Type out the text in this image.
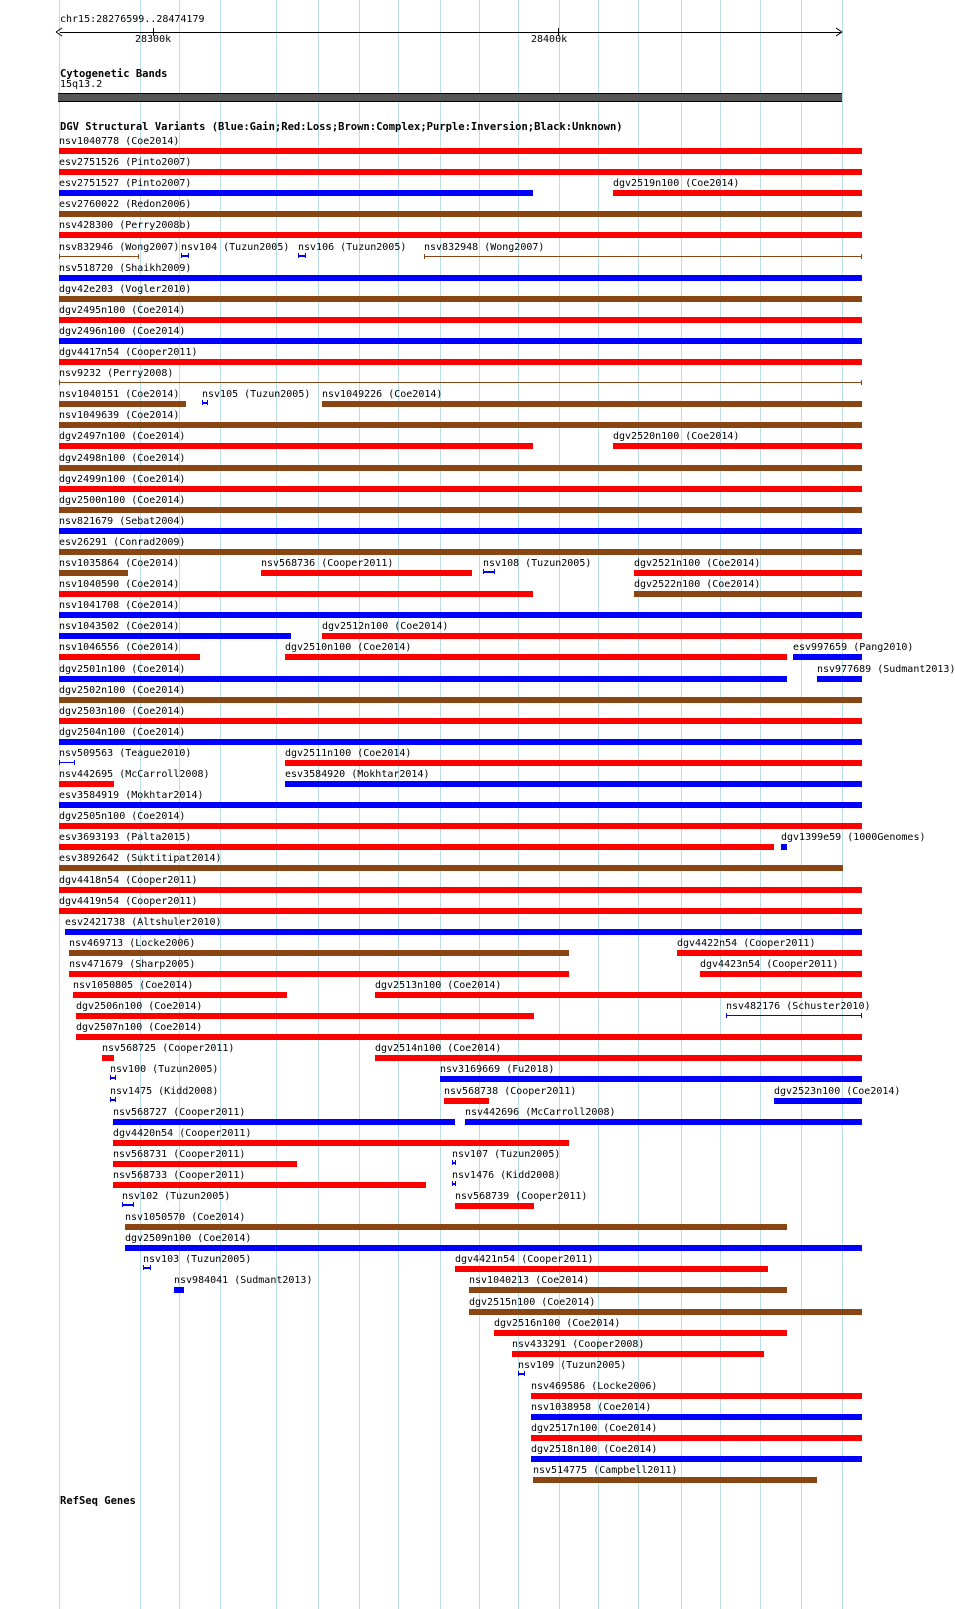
chr15:28276599..28474179
28300k	28400k
Cytogenetic Bands
15q13.2
DGV Structural Variants (Blue:Gain;Red:Loss;Brown:Complex;Purple:Inversion;Black:Unknown)
nsv1040778 (Coe2014)
esv2751526 (Pinto2007)
esv2751527 (Pinto2007)	dgv2519n100 (Coe2014)
esv2760022 (Redon2006)
nsv428300 (Perry2008b)
nsv832946 (Wong2007) nsv104 (Tuzun2005) nsv106 (Tuzun2005) nsv832948 (Wong2007)
nsv518720 (Shaikh2009)
dgv42e203 (Vogler2010)
dgv2495n100 (Coe2014)
dgv2496n100 (Coe2014)
dgv4417n54 (Cooper2011)
nsv9232 (Perry2008)
nsv1040151 (Coe2014) nsv105 (Tuzun2005) nsv1049226 (Coe2014)
nsv1049639 (Coe2014)
dgv2497n100 (Coe2014)	dgv2520n100 (Coe2014)
dgv2498n100 (Coe2014)
dgv2499n100 (Coe2014)
dgv2500n100 (Coe2014)
nsv821679 (Sebat2004)
esv26291 (Conrad2009)
nsv1035864 (Coe2014)	nsv568736 (Cooper2011)	nsv108 (Tuzun2005)	dgv2521n100 (Coe2014)
nsv1040590 (Coe2014)	dgv2522n100 (Coe2014)
nsv1041708 (Coe2014)
nsv1043502 (Coe2014)	dgv2512n100 (Coe2014)
nsv1046556 (Coe2014)	dgv2510n100 (Coe2014)	esv997659 (Pang2010)
dgv2501n100 (Coe2014)	nsv977689 (Sudmant2013)
dgv2502n100 (Coe2014)
dgv2503n100 (Coe2014)
dgv2504n100 (Coe2014)
nsv509563 (Teague2010)	dgv2511n100 (Coe2014)
nsv442695 (McCarroll2008)	esv3584920 (Mokhtar2014)
esv3584919 (Mokhtar2014)
dgv2505n100 (Coe2014)
esv3693193 (Palta2015)	dgv1399e59 (1000Genomes)
esv3892642 (Suktitipat2014)
dgv4418n54 (Cooper2011)
dgv4419n54 (Cooper2011)
esv2421738 (Altshuler2010)
nsv469713 (Locke2006)	dgv4422n54 (Cooper2011)
nsv471679 (Sharp2005)	dgv4423n54 (Cooper2011)
nsv1050805 (Coe2014)	dgv2513n100 (Coe2014)
dgv2506n100 (Coe2014)	nsv482176 (Schuster2010)
dgv2507n100 (Coe2014)
nsv568725 (Cooper2011)	dgv2514n100 (Coe2014)
nsv100 (Tuzun2005)	nsv3169669 (Fu2018)
nsv1475 (Kidd2008)	nsv568738 (Cooper2011)	dgv2523n100 (Coe2014)
nsv568727 (Cooper2011)	nsv442696 (McCarroll2008)
dgv4420n54 (Cooper2011)
nsv568731 (Cooper2011)	nsv107 (Tuzun2005)
nsv568733 (Cooper2011)	nsv1476 (Kidd2008)
nsv102 (Tuzun2005)	nsv568739 (Cooper2011)
nsv1050570 (Coe2014)
dgv2509n100 (Coe2014)
nsv103 (Tuzun2005)	dgv4421n54 (Cooper2011)
nsv984041 (Sudmant2013)	nsv1040213 (Coe2014)
dgv2515n100 (Coe2014)
dgv2516n100 (Coe2014)
nsv433291 (Cooper2008)
nsv109 (Tuzun2005)
nsv469586 (Locke2006)
nsv1038958 (Coe2014)
dgv2517n100 (Coe2014)
dgv2518n100 (Coe2014)
nsv514775 (Campbell2011)
RefSeq Genes
